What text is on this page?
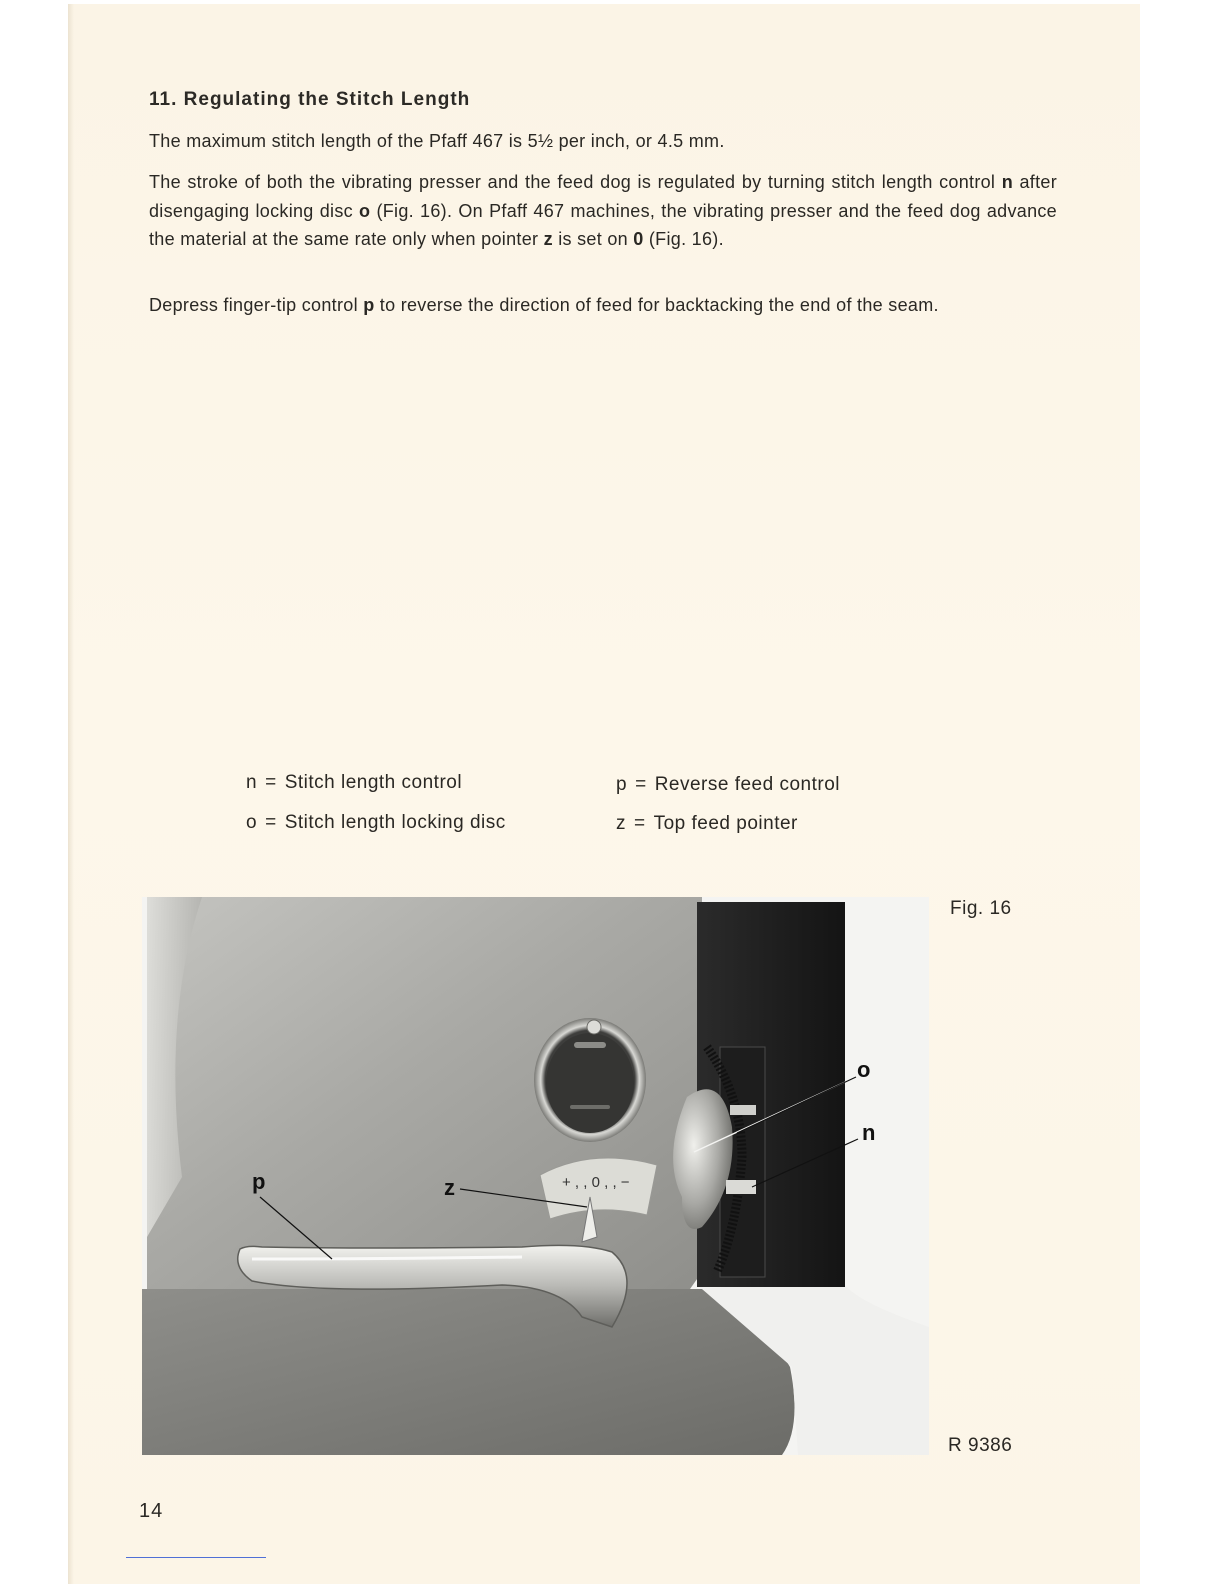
11. Regulating the Stitch Length

The maximum stitch length of the Pfaff 467 is 5½ per inch, or 4.5 mm.

The stroke of both the vibrating presser and the feed dog is regulated by turning stitch length control n after disengaging locking disc o (Fig. 16). On Pfaff 467 machines, the vibrating presser and the feed dog advance the material at the same rate only when pointer z is set on 0 (Fig. 16).

Depress finger-tip control p to reverse the direction of feed for backtacking the end of the seam.

n = Stitch length control
o = Stitch length locking disc
p = Reverse feed control
z = Top feed pointer
+ , , 0 , , −
p	z
o
n
Fig. 16
R 9386
14
